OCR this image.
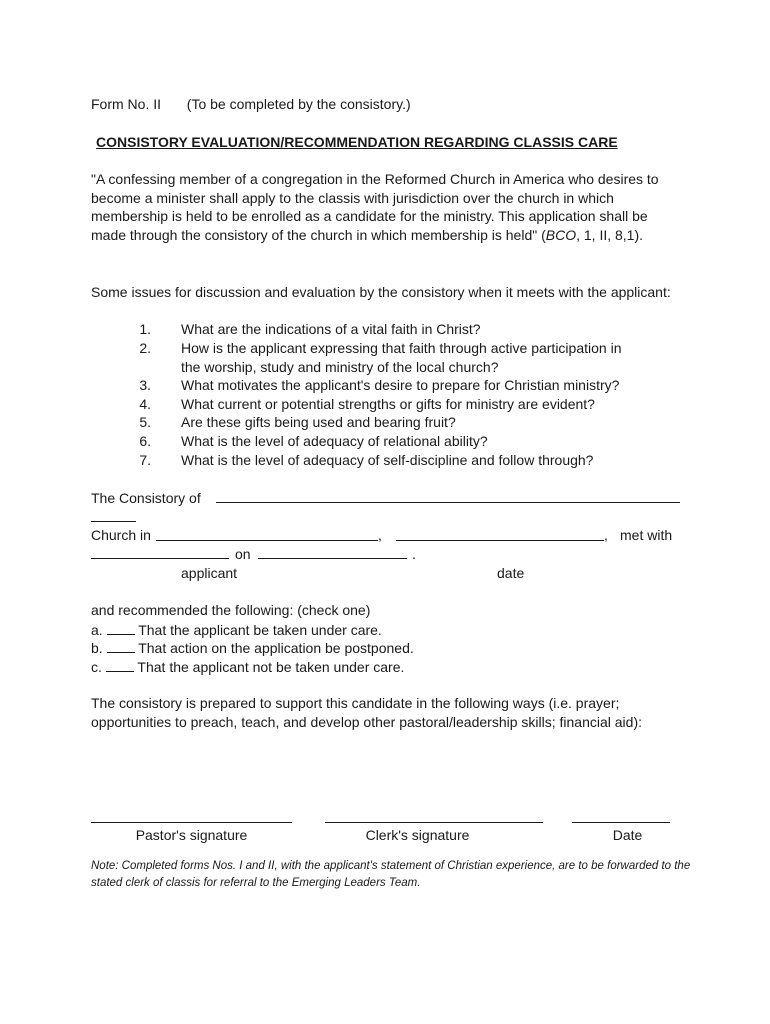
Form No. II (To be completed by the consistory.)
CONSISTORY EVALUATION/RECOMMENDATION REGARDING CLASSIS CARE
"A confessing member of a congregation in the Reformed Church in America who desires to become a minister shall apply to the classis with jurisdiction over the church in which membership is held to be enrolled as a candidate for the ministry. This application shall be made through the consistory of the church in which membership is held" (BCO, 1, II, 8,1).
Some issues for discussion and evaluation by the consistory when it meets with the applicant:
1. What are the indications of a vital faith in Christ?
2. How is the applicant expressing that faith through active participation in the worship, study and ministry of the local church?
3. What motivates the applicant's desire to prepare for Christian ministry?
4. What current or potential strengths or gifts for ministry are evident?
5. Are these gifts being used and bearing fruit?
6. What is the level of adequacy of relational ability?
7. What is the level of adequacy of self-discipline and follow through?
The Consistory of
Church in	,	, met with
on	.
applicant	date
and recommended the following: (check one)
a.	That the applicant be taken under care.
b.	That action on the application be postponed.
c.	That the applicant not be taken under care.
The consistory is prepared to support this candidate in the following ways (i.e. prayer; opportunities to preach, teach, and develop other pastoral/leadership skills; financial aid):
Pastor's signature	Clerk's signature	Date
Note: Completed forms Nos. I and II, with the applicant's statement of Christian experience, are to be forwarded to the stated clerk of classis for referral to the Emerging Leaders Team.
